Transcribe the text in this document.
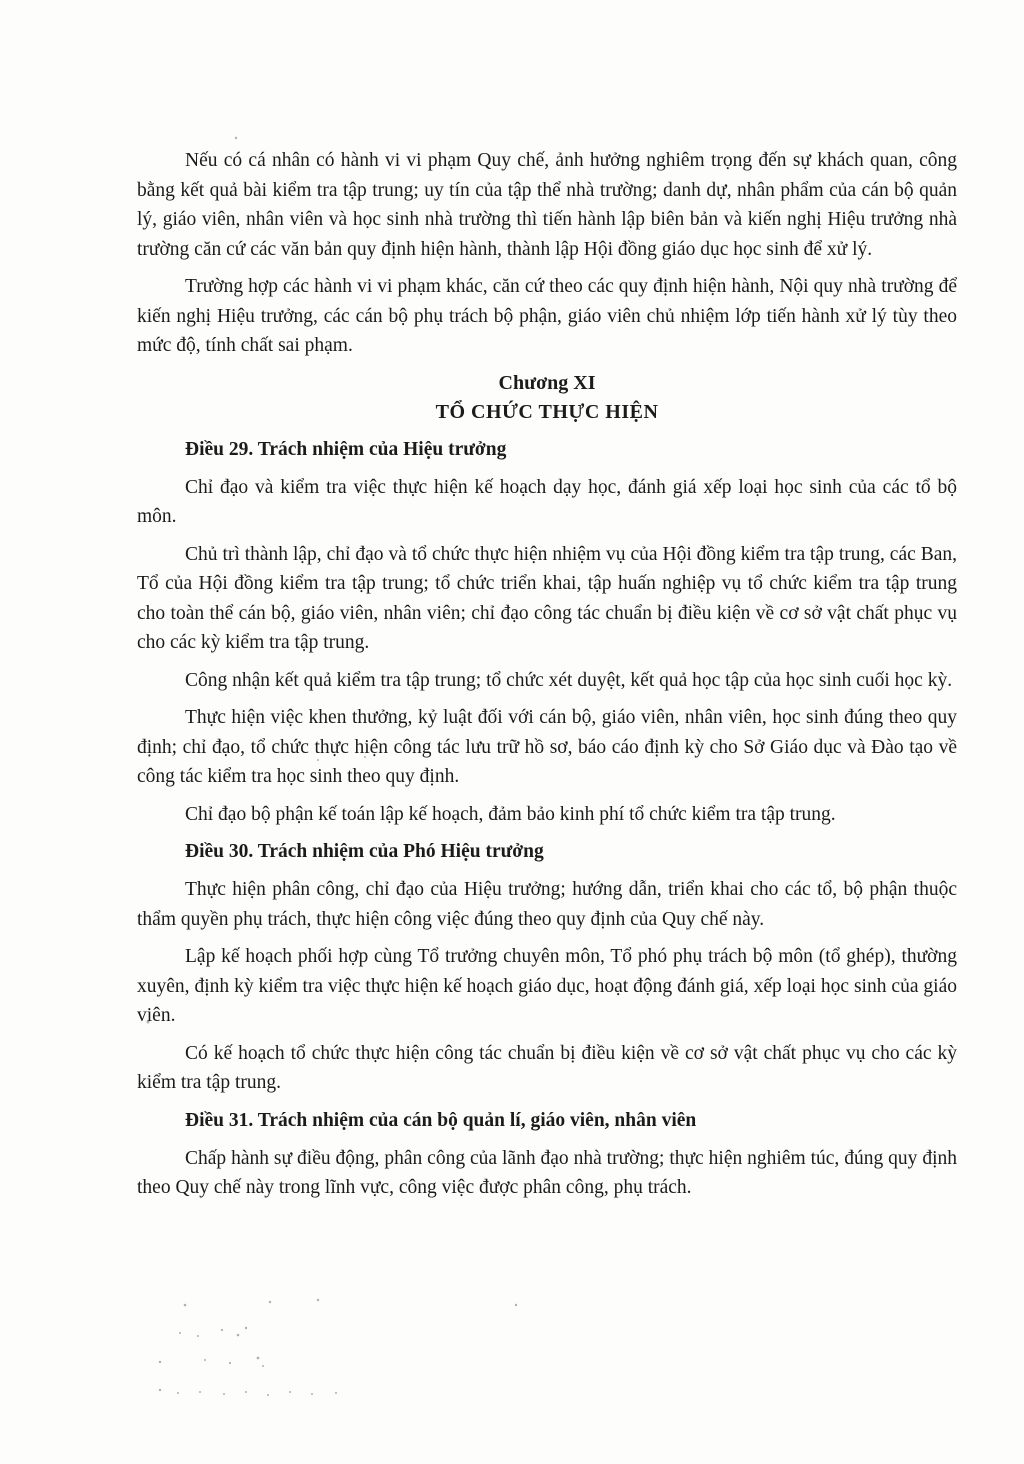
Nếu có cá nhân có hành vi vi phạm Quy chế, ảnh hưởng nghiêm trọng đến sự khách quan, công bằng kết quả bài kiểm tra tập trung; uy tín của tập thể nhà trường; danh dự, nhân phẩm của cán bộ quản lý, giáo viên, nhân viên và học sinh nhà trường thì tiến hành lập biên bản và kiến nghị Hiệu trưởng nhà trường căn cứ các văn bản quy định hiện hành, thành lập Hội đồng giáo dục học sinh để xử lý.

Trường hợp các hành vi vi phạm khác, căn cứ theo các quy định hiện hành, Nội quy nhà trường để kiến nghị Hiệu trưởng, các cán bộ phụ trách bộ phận, giáo viên chủ nhiệm lớp tiến hành xử lý tùy theo mức độ, tính chất sai phạm.

Chương XI
TỔ CHỨC THỰC HIỆN
Điều 29. Trách nhiệm của Hiệu trưởng

Chỉ đạo và kiểm tra việc thực hiện kế hoạch dạy học, đánh giá xếp loại học sinh của các tổ bộ môn.

Chủ trì thành lập, chỉ đạo và tổ chức thực hiện nhiệm vụ của Hội đồng kiểm tra tập trung, các Ban, Tổ của Hội đồng kiểm tra tập trung; tổ chức triển khai, tập huấn nghiệp vụ tổ chức kiểm tra tập trung cho toàn thể cán bộ, giáo viên, nhân viên; chỉ đạo công tác chuẩn bị điều kiện về cơ sở vật chất phục vụ cho các kỳ kiểm tra tập trung.

Công nhận kết quả kiểm tra tập trung; tổ chức xét duyệt, kết quả học tập của học sinh cuối học kỳ.

Thực hiện việc khen thưởng, kỷ luật đối với cán bộ, giáo viên, nhân viên, học sinh đúng theo quy định; chỉ đạo, tổ chức thực hiện công tác lưu trữ hồ sơ, báo cáo định kỳ cho Sở Giáo dục và Đào tạo về công tác kiểm tra học sinh theo quy định.

Chỉ đạo bộ phận kế toán lập kế hoạch, đảm bảo kinh phí tổ chức kiểm tra tập trung.

Điều 30. Trách nhiệm của Phó Hiệu trưởng

Thực hiện phân công, chỉ đạo của Hiệu trưởng; hướng dẫn, triển khai cho các tổ, bộ phận thuộc thẩm quyền phụ trách, thực hiện công việc đúng theo quy định của Quy chế này.

Lập kế hoạch phối hợp cùng Tổ trưởng chuyên môn, Tổ phó phụ trách bộ môn (tổ ghép), thường xuyên, định kỳ kiểm tra việc thực hiện kế hoạch giáo dục, hoạt động đánh giá, xếp loại học sinh của giáo viên.

Có kế hoạch tổ chức thực hiện công tác chuẩn bị điều kiện về cơ sở vật chất phục vụ cho các kỳ kiểm tra tập trung.

Điều 31. Trách nhiệm của cán bộ quản lí, giáo viên, nhân viên

Chấp hành sự điều động, phân công của lãnh đạo nhà trường; thực hiện nghiêm túc, đúng quy định theo Quy chế này trong lĩnh vực, công việc được phân công, phụ trách.
